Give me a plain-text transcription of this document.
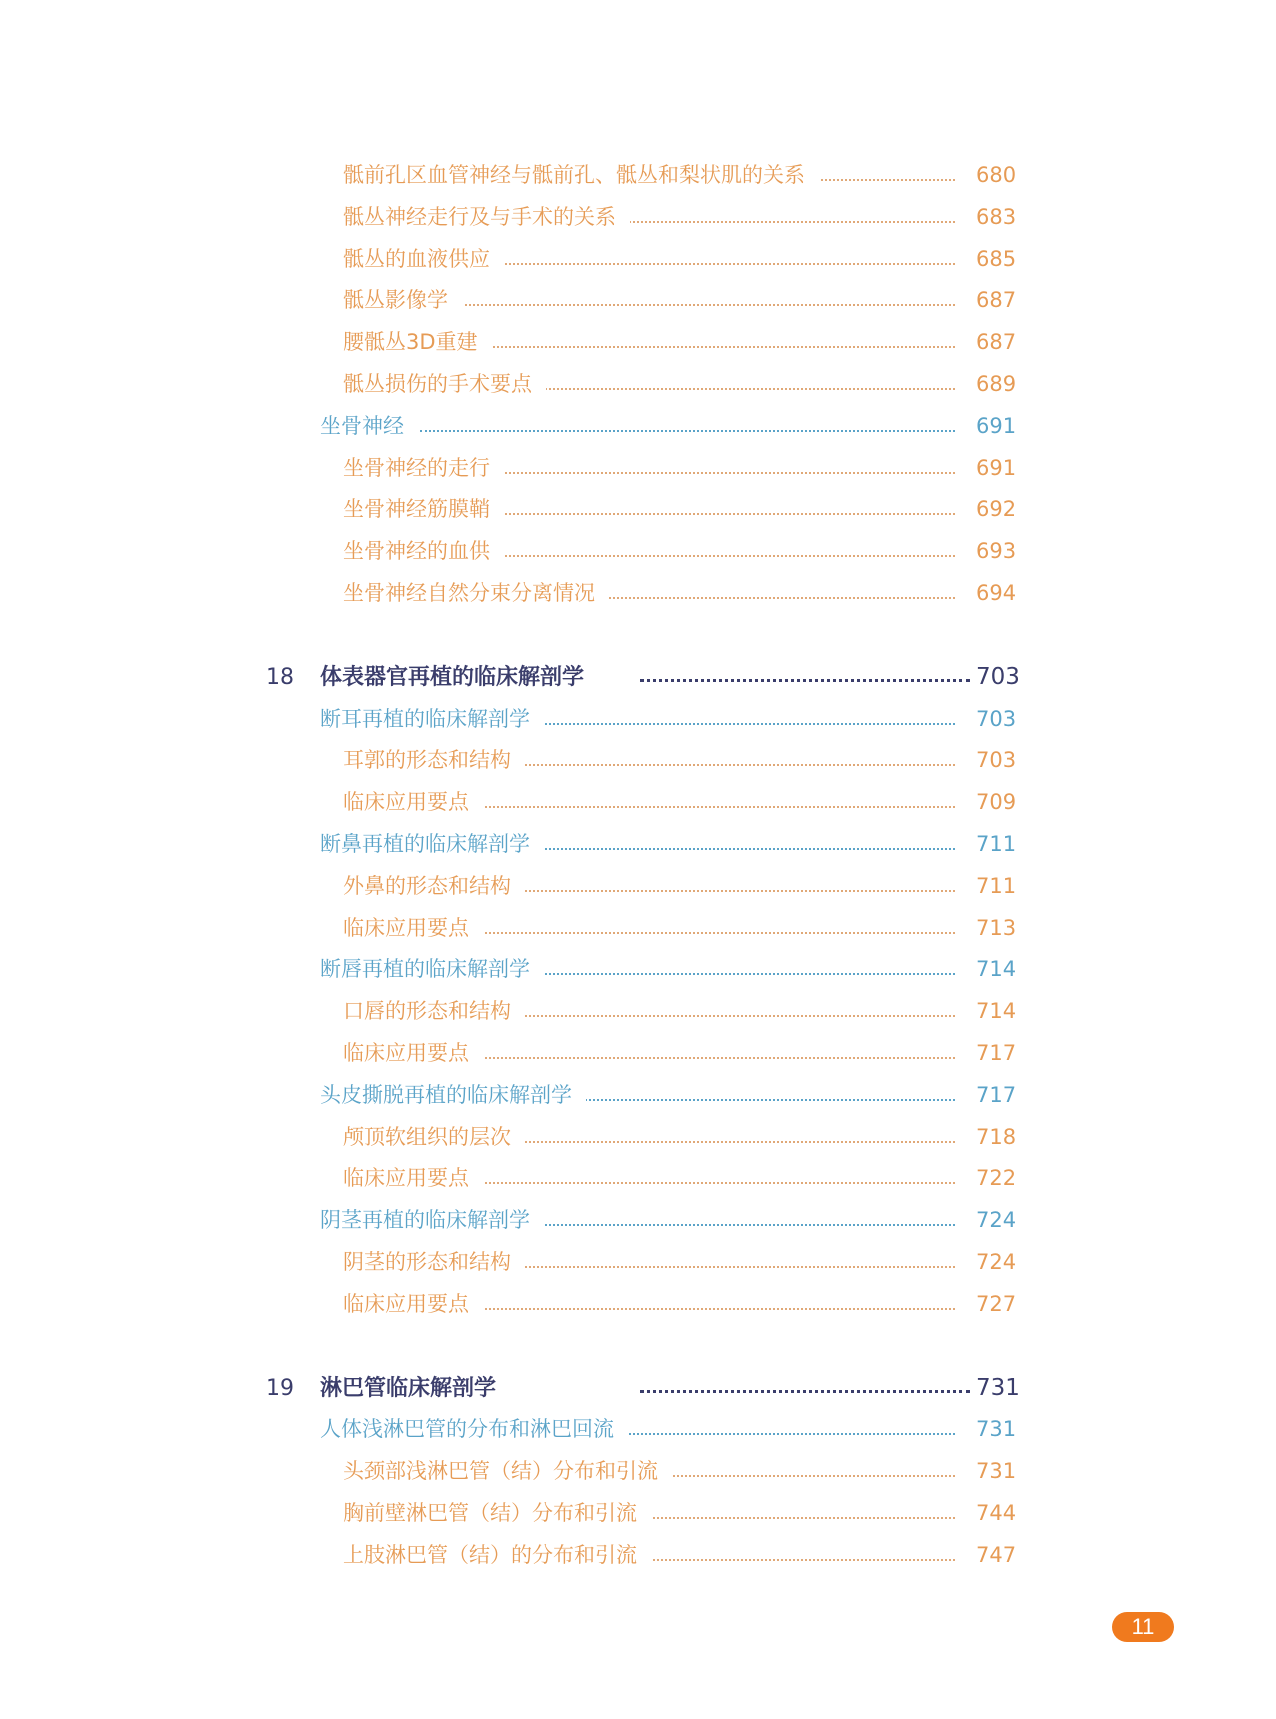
骶前孔区血管神经与骶前孔、骶丛和梨状肌的关系	680
骶丛神经走行及与手术的关系	683
骶丛的血液供应	685
骶丛影像学	687
腰骶丛3D重建	687
骶丛损伤的手术要点	689
坐骨神经	691
坐骨神经的走行	691
坐骨神经筋膜鞘	692
坐骨神经的血供	693
坐骨神经自然分束分离情况	694
18 体表器官再植的临床解剖学	703
断耳再植的临床解剖学	703
耳郭的形态和结构	703
临床应用要点	709
断鼻再植的临床解剖学	711
外鼻的形态和结构	711
临床应用要点	713
断唇再植的临床解剖学	714
口唇的形态和结构	714
临床应用要点	717
头皮撕脱再植的临床解剖学	717
颅顶软组织的层次	718
临床应用要点	722
阴茎再植的临床解剖学	724
阴茎的形态和结构	724
临床应用要点	727
19 淋巴管临床解剖学	731
人体浅淋巴管的分布和淋巴回流	731
头颈部浅淋巴管（结）分布和引流	731
胸前壁淋巴管（结）分布和引流	744
上肢淋巴管（结）的分布和引流	747
11
